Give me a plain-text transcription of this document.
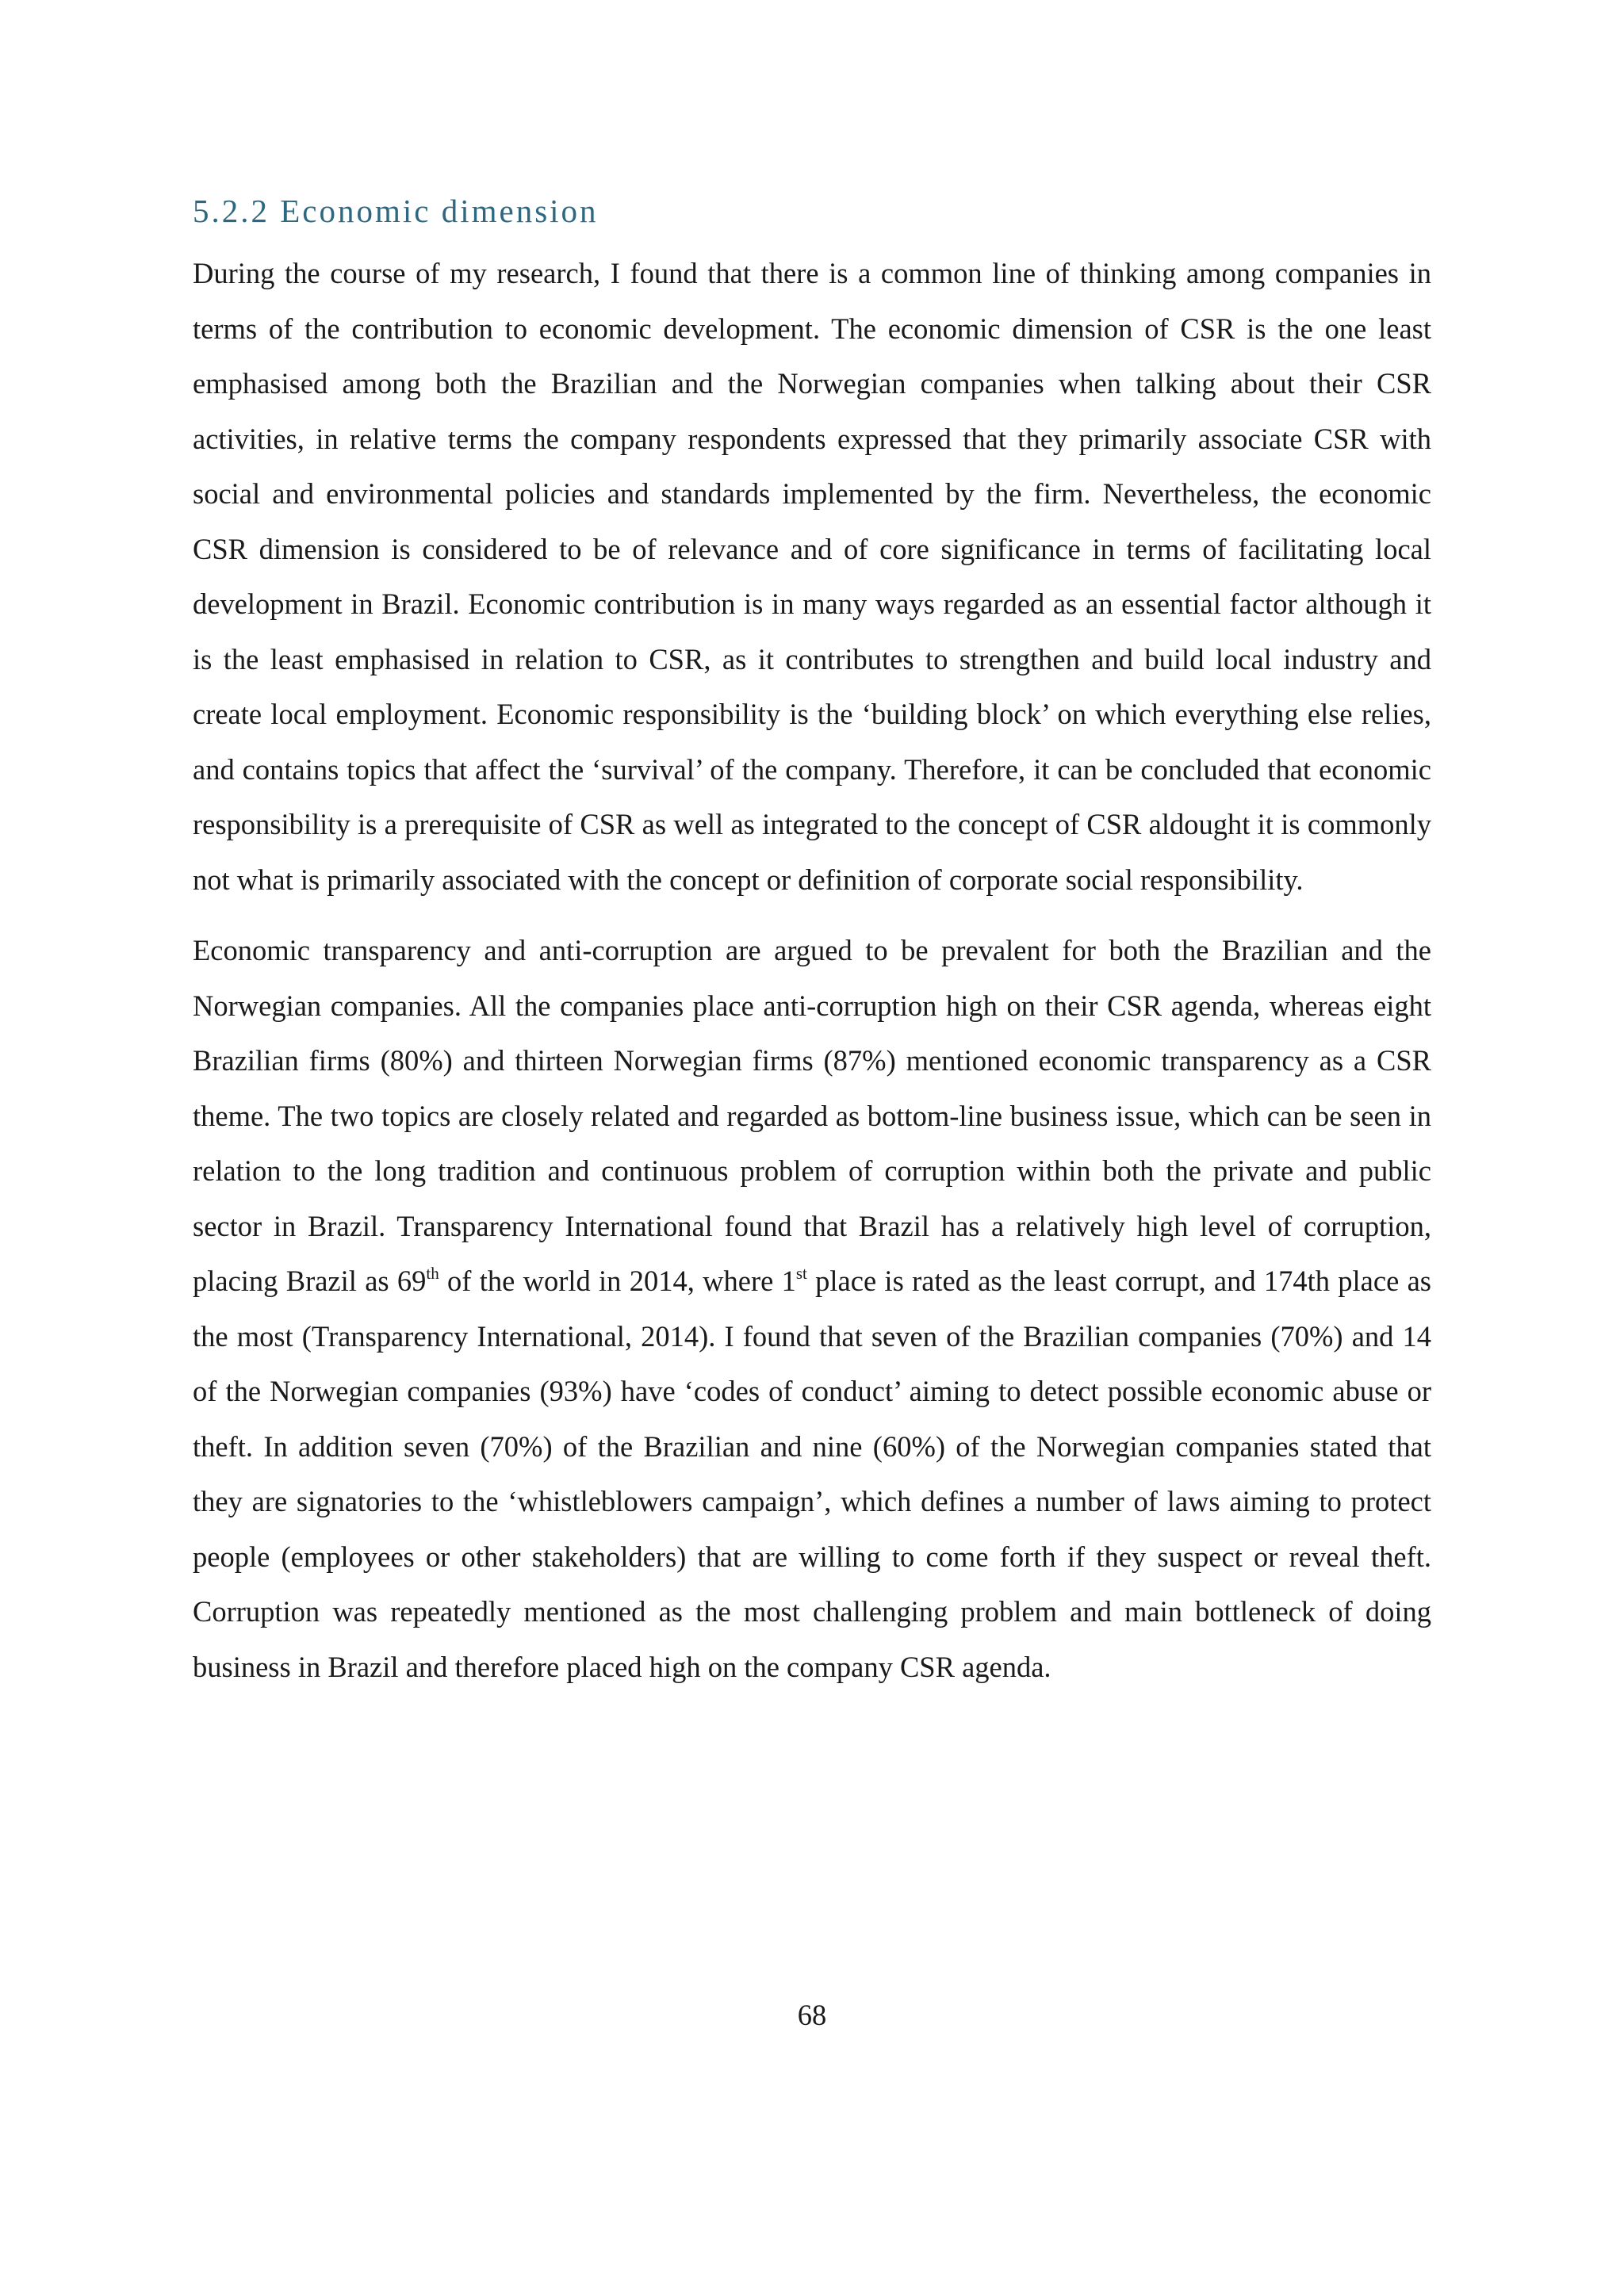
5.2.2 Economic dimension

During the course of my research, I found that there is a common line of thinking among companies in terms of the contribution to economic development. The economic dimension of CSR is the one least emphasised among both the Brazilian and the Norwegian companies when talking about their CSR activities, in relative terms the company respondents expressed that they primarily associate CSR with social and environmental policies and standards implemented by the firm. Nevertheless, the economic CSR dimension is considered to be of relevance and of core significance in terms of facilitating local development in Brazil. Economic contribution is in many ways regarded as an essential factor although it is the least emphasised in relation to CSR, as it contributes to strengthen and build local industry and create local employment. Economic responsibility is the ‘building block’ on which everything else relies, and contains topics that affect the ‘survival’ of the company. Therefore, it can be concluded that economic responsibility is a prerequisite of CSR as well as integrated to the concept of CSR aldought it is commonly not what is primarily associated with the concept or definition of corporate social responsibility.

Economic transparency and anti-corruption are argued to be prevalent for both the Brazilian and the Norwegian companies. All the companies place anti-corruption high on their CSR agenda, whereas eight Brazilian firms (80%) and thirteen Norwegian firms (87%) mentioned economic transparency as a CSR theme. The two topics are closely related and regarded as bottom-line business issue, which can be seen in relation to the long tradition and continuous problem of corruption within both the private and public sector in Brazil. Transparency International found that Brazil has a relatively high level of corruption, placing Brazil as 69th of the world in 2014, where 1st place is rated as the least corrupt, and 174th place as the most (Transparency International, 2014). I found that seven of the Brazilian companies (70%) and 14 of the Norwegian companies (93%) have ‘codes of conduct’ aiming to detect possible economic abuse or theft. In addition seven (70%) of the Brazilian and nine (60%) of the Norwegian companies stated that they are signatories to the ‘whistleblowers campaign’, which defines a number of laws aiming to protect people (employees or other stakeholders) that are willing to come forth if they suspect or reveal theft. Corruption was repeatedly mentioned as the most challenging problem and main bottleneck of doing business in Brazil and therefore placed high on the company CSR agenda.

68
